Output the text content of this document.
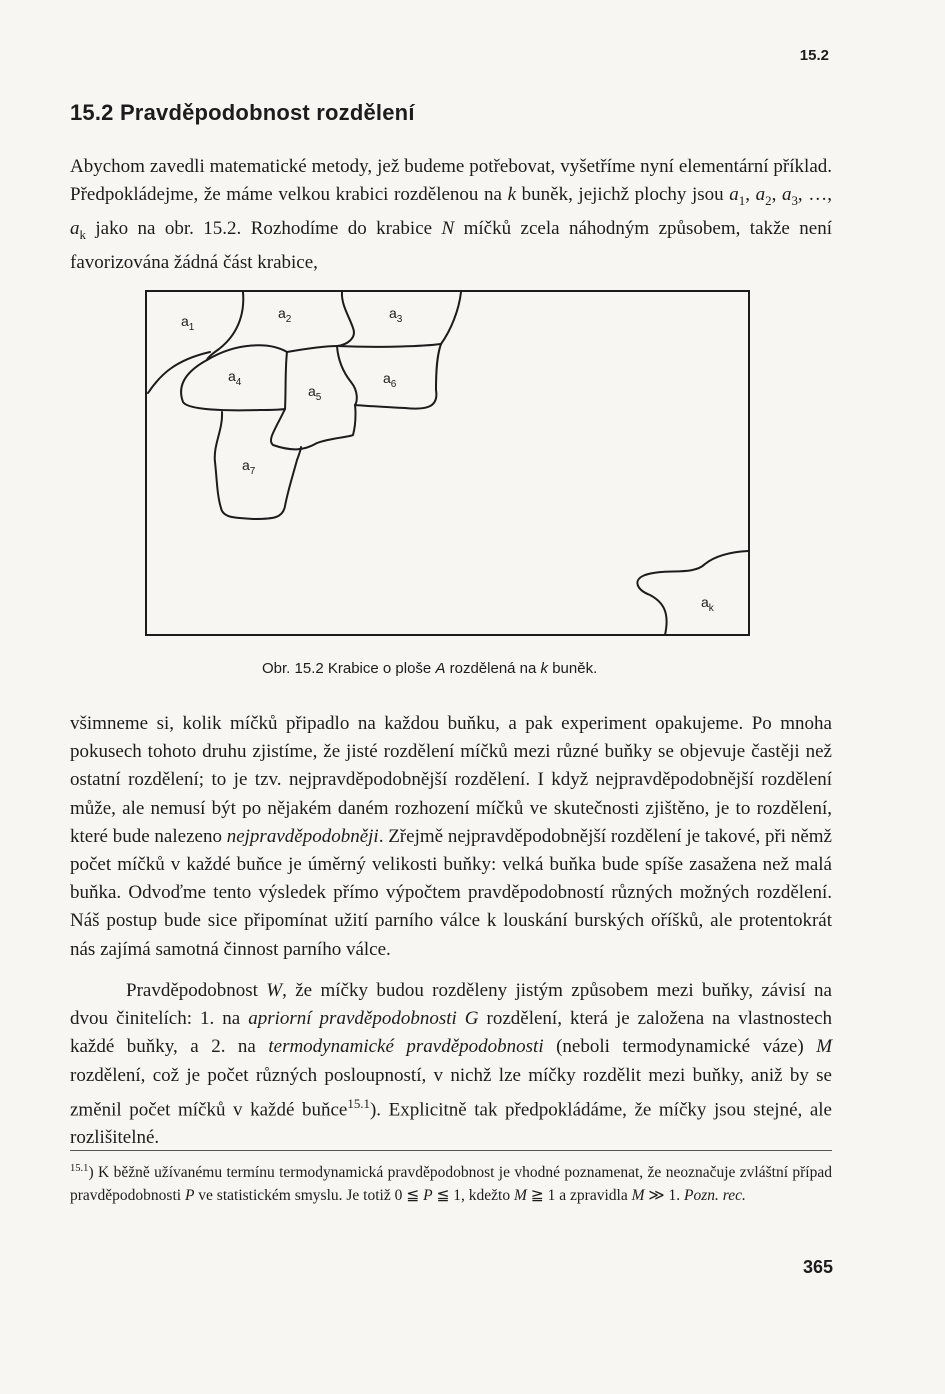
15.2
15.2 Pravděpodobnost rozdělení

Abychom zavedli matematické metody, jež budeme potřebovat, vyšetříme nyní elementární příklad. Předpokládejme, že máme velkou krabici rozdělenou na k buněk, jejichž plochy jsou $a_1$, $a_2$, $a_3$, …, $a_k$ jako na obr. 15.2. Rozhodíme do krabice N míčků zcela náhodným způsobem, takže není favorizována žádná část krabice,

$a_1$
$a_2$	$a_3$
$a_4$
$a_5$
$a_6$
$a_7$
$a_k$
Obr. 15.2 Krabice o ploše A rozdělená na k buněk.

všimneme si, kolik míčků připadlo na každou buňku, a pak experiment opakujeme. Po mnoha pokusech tohoto druhu zjistíme, že jisté rozdělení míčků mezi různé buňky se objevuje častěji než ostatní rozdělení; to je tzv. nejpravděpodobnější rozdělení. I když nejpravděpodobnější rozdělení může, ale nemusí být po nějakém daném rozhození míčků ve skutečnosti zjištěno, je to rozdělení, které bude nalezeno nejpravděpodobněji. Zřejmě nejpravděpodobnější rozdělení je takové, při němž počet míčků v každé buňce je úměrný velikosti buňky: velká buňka bude spíše zasažena než malá buňka. Odvoďme tento výsledek přímo výpočtem pravděpodobností různých možných rozdělení. Náš postup bude sice připomínat užití parního válce k louskání burských oříšků, ale protentokrát nás zajímá samotná činnost parního válce.

Pravděpodobnost W, že míčky budou rozděleny jistým způsobem mezi buňky, závisí na dvou činitelích: 1. na apriorní pravděpodobnosti G rozdělení, která je založena na vlastnostech každé buňky, a 2. na termodynamické pravděpodobnosti (neboli termodynamické váze) M rozdělení, což je počet různých posloupností, v nichž lze míčky rozdělit mezi buňky, aniž by se změnil počet míčků v každé buňce$^{15.1}$). Explicitně tak předpokládáme, že míčky jsou stejné, ale rozlišitelné.

$^{15.1}$) K běžně užívanému termínu termodynamická pravděpodobnost je vhodné poznamenat, že neoznačuje zvláštní případ pravděpodobnosti P ve statistickém smyslu. Je totiž 0 ≦ P ≦ 1, kdežto M ≧ 1 a zpravidla M ≫ 1. Pozn. rec.

365
